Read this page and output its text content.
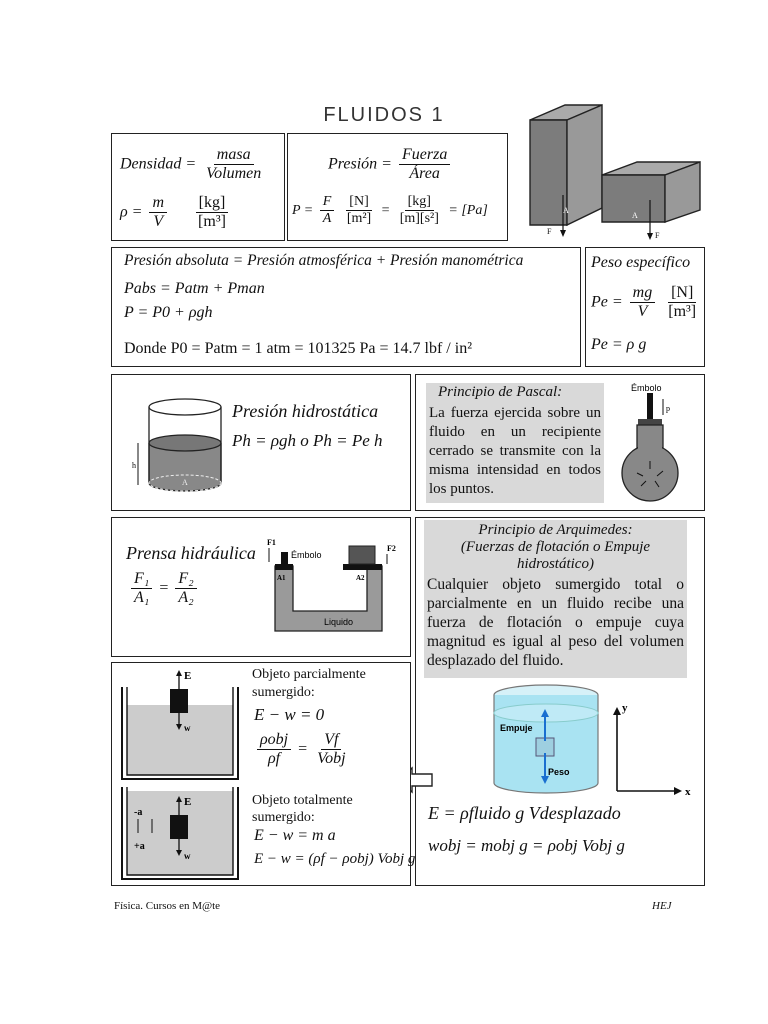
FLUIDOS 1
A
F
A
F
Densidad = $\frac{\text{masa}}{\text{Volumen}}$
$\rho = \frac{m}{V}$
$\frac{[kg]}{\text{[m³]}}$
Presión = $\frac{\text{Fuerza}}{\text{Área}}$
$P = \frac{F}{A}$
$\frac{[N]}{\text{[m²]}} = \frac{[kg]}{\text{[m][s²]}} = [Pa]$
Presión absoluta = Presión atmosférica + Presión manométrica
Pabs = Patm + Pman
P = P0 + ρgh
Donde P0 = Patm = 1 atm = 101325 Pa = 14.7 lbf / in²
Peso específico
$Pe = \frac{mg}{V}$
$\frac{[N]}{\text{[m³]}}$
Pe = ρ g
h
A
Presión hidrostática
Ph = ρgh o Ph = Pe h
Principio de Pascal:
La fuerza ejercida sobre un fluido en un recipiente cerrado se transmite con la misma intensidad en todos los puntos.
Émbolo
p
Prensa hidráulica
$\frac{\text{F₁}}{\text{A₁}} = \frac{\text{F₂}}{\text{A₂}}$
F1
Émbolo
F2
A1	A2
Liquido
Principio de Arquimedes:
(Fuerzas de flotación o Empuje
hidrostático)
Cualquier objeto sumergido total o parcialmente en un fluido recibe una fuerza de flotación o empuje cuya magnitud es igual al peso del volumen desplazado del fluido.
Empuje
Peso
y
x
E = ρfluido g Vdesplazado
wobj = mobj g = ρobj Vobj g
E
w
E
w
-a
+a
Objeto parcialmente
sumergido:
E − w = 0
$\frac{\text{ρobj}}{\rho f} = \frac{Vf}{\text{Vobj}}$
Objeto totalmente
sumergido:
E − w = m a
E − w = (ρf − ρobj) Vobj g
Física. Cursos en M@te	HEJ
